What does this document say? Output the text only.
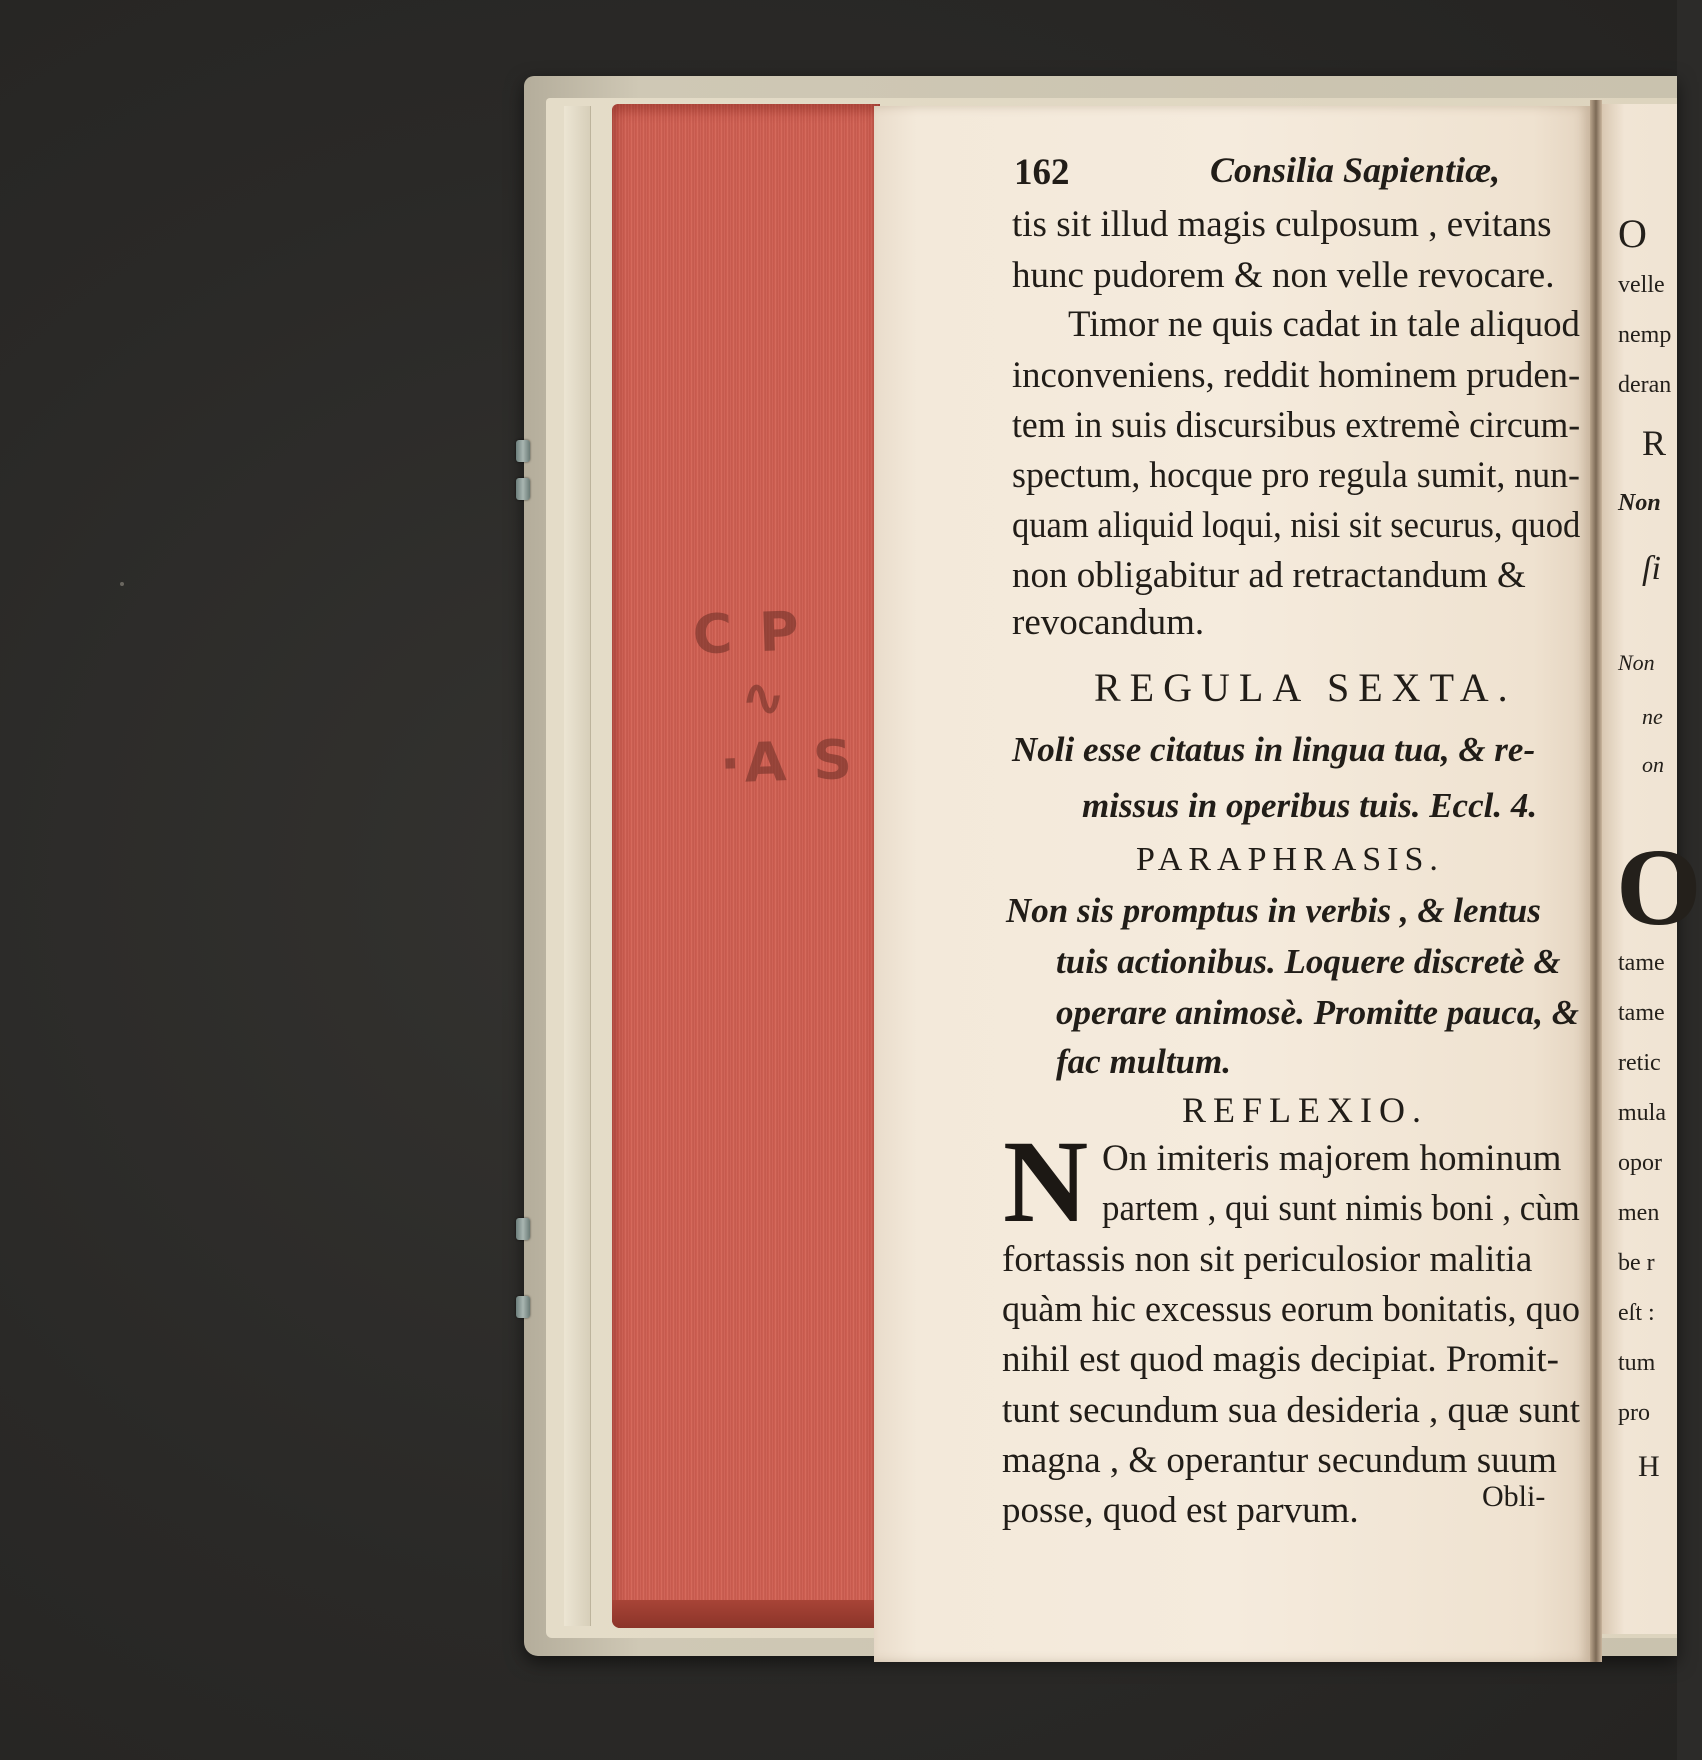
C P
∿
·A S
O
velle
nemp
deran
R
Non
ſi
Non
ne
on
O
tame
tame
retic
mula
opor
men
be r
eſt :
tum
pro
H
162	Consilia Sapientiæ,
tis sit illud magis culposum , evitans
hunc pudorem & non velle revocare.
Timor ne quis cadat in tale aliquod
inconveniens, reddit hominem pruden-
tem in suis discursibus extremè circum-
spectum, hocque pro regula sumit, nun-
quam aliquid loqui, nisi sit securus, quod
non obligabitur ad retractandum &
revocandum.
REGULA SEXTA.
Noli esse citatus in lingua tua, & re-
missus in operibus tuis. Eccl. 4.
PARAPHRASIS.
Non sis promptus in verbis , & lentus
tuis actionibus. Loquere discretè &
operare animosè. Promitte pauca, &
fac multum.
REFLEXIO.
N On imiteris majorem hominum
partem , qui sunt nimis boni , cùm
fortassis non sit periculosior malitia
quàm hic excessus eorum bonitatis, quo
nihil est quod magis decipiat. Promit-
tunt secundum sua desideria , quæ sunt
magna , & operantur secundum suum
posse, quod est parvum.	Obli-
